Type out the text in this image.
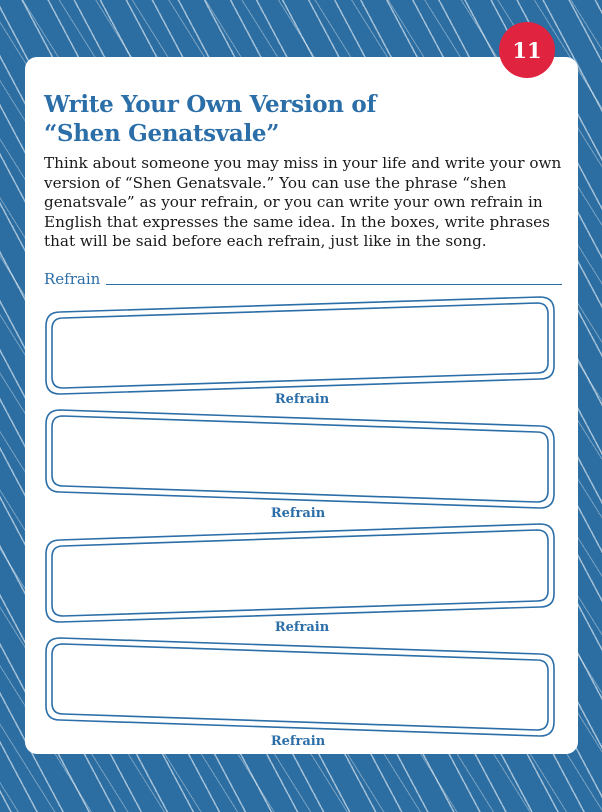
11
Write Your Own Version of
“Shen Genatsvale”

Think about someone you may miss in your life and write your own version of “Shen Genatsvale.” You can use the phrase “shen genatsvale” as your refrain, or you can write your own refrain in English that expresses the same idea. In the boxes, write phrases that will be said before each refrain, just like in the song.

Refrain
Refrain
Refrain
Refrain
Refrain
